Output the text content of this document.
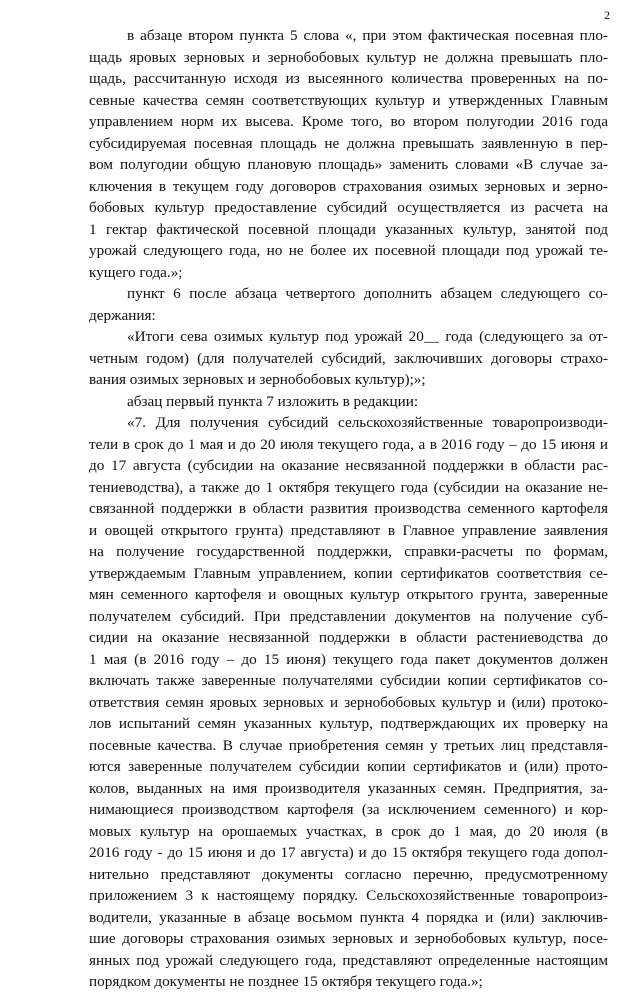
2
в абзаце втором пункта 5 слова «, при этом фактическая посевная пло-
щадь яровых зерновых и зернобобовых культур не должна превышать пло-
щадь, рассчитанную исходя из высеянного количества проверенных на по-
севные качества семян соответствующих культур и утвержденных Главным
управлением норм их высева. Кроме того, во втором полугодии 2016 года
субсидируемая посевная площадь не должна превышать заявленную в пер-
вом полугодии общую плановую площадь» заменить словами «В случае за-
ключения в текущем году договоров страхования озимых зерновых и зерно-
бобовых культур предоставление субсидий осуществляется из расчета на
1 гектар фактической посевной площади указанных культур, занятой под
урожай следующего года, но не более их посевной площади под урожай те-
кущего года.»;
пункт 6 после абзаца четвертого дополнить абзацем следующего со-
держания:
«Итоги сева озимых культур под урожай 20__ года (следующего за от-
четным годом) (для получателей субсидий, заключивших договоры страхо-
вания озимых зерновых и зернобобовых культур);»;
абзац первый пункта 7 изложить в редакции:
«7. Для получения субсидий сельскохозяйственные товаропроизводи-
тели в срок до 1 мая и до 20 июля текущего года, а в 2016 году – до 15 июня и
до 17 августа (субсидии на оказание несвязанной поддержки в области рас-
тениеводства), а также до 1 октября текущего года (субсидии на оказание не-
связанной поддержки в области развития производства семенного картофеля
и овощей открытого грунта) представляют в Главное управление заявления
на получение государственной поддержки, справки-расчеты по формам,
утверждаемым Главным управлением, копии сертификатов соответствия се-
мян семенного картофеля и овощных культур открытого грунта, заверенные
получателем субсидий. При представлении документов на получение суб-
сидии на оказание несвязанной поддержки в области растениеводства до
1 мая (в 2016 году – до 15 июня) текущего года пакет документов должен
включать также заверенные получателями субсидии копии сертификатов со-
ответствия семян яровых зерновых и зернобобовых культур и (или) протоко-
лов испытаний семян указанных культур, подтверждающих их проверку на
посевные качества. В случае приобретения семян у третьих лиц представля-
ются заверенные получателем субсидии копии сертификатов и (или) прото-
колов, выданных на имя производителя указанных семян. Предприятия, за-
нимающиеся производством картофеля (за исключением семенного) и кор-
мовых культур на орошаемых участках, в срок до 1 мая, до 20 июля (в
2016 году - до 15 июня и до 17 августа) и до 15 октября текущего года допол-
нительно представляют документы согласно перечню, предусмотренному
приложением 3 к настоящему порядку. Сельскохозяйственные товаропроиз-
водители, указанные в абзаце восьмом пункта 4 порядка и (или) заключив-
шие договоры страхования озимых зерновых и зернобобовых культур, посе-
янных под урожай следующего года, представляют определенные настоящим
порядком документы не позднее 15 октября текущего года.»;
